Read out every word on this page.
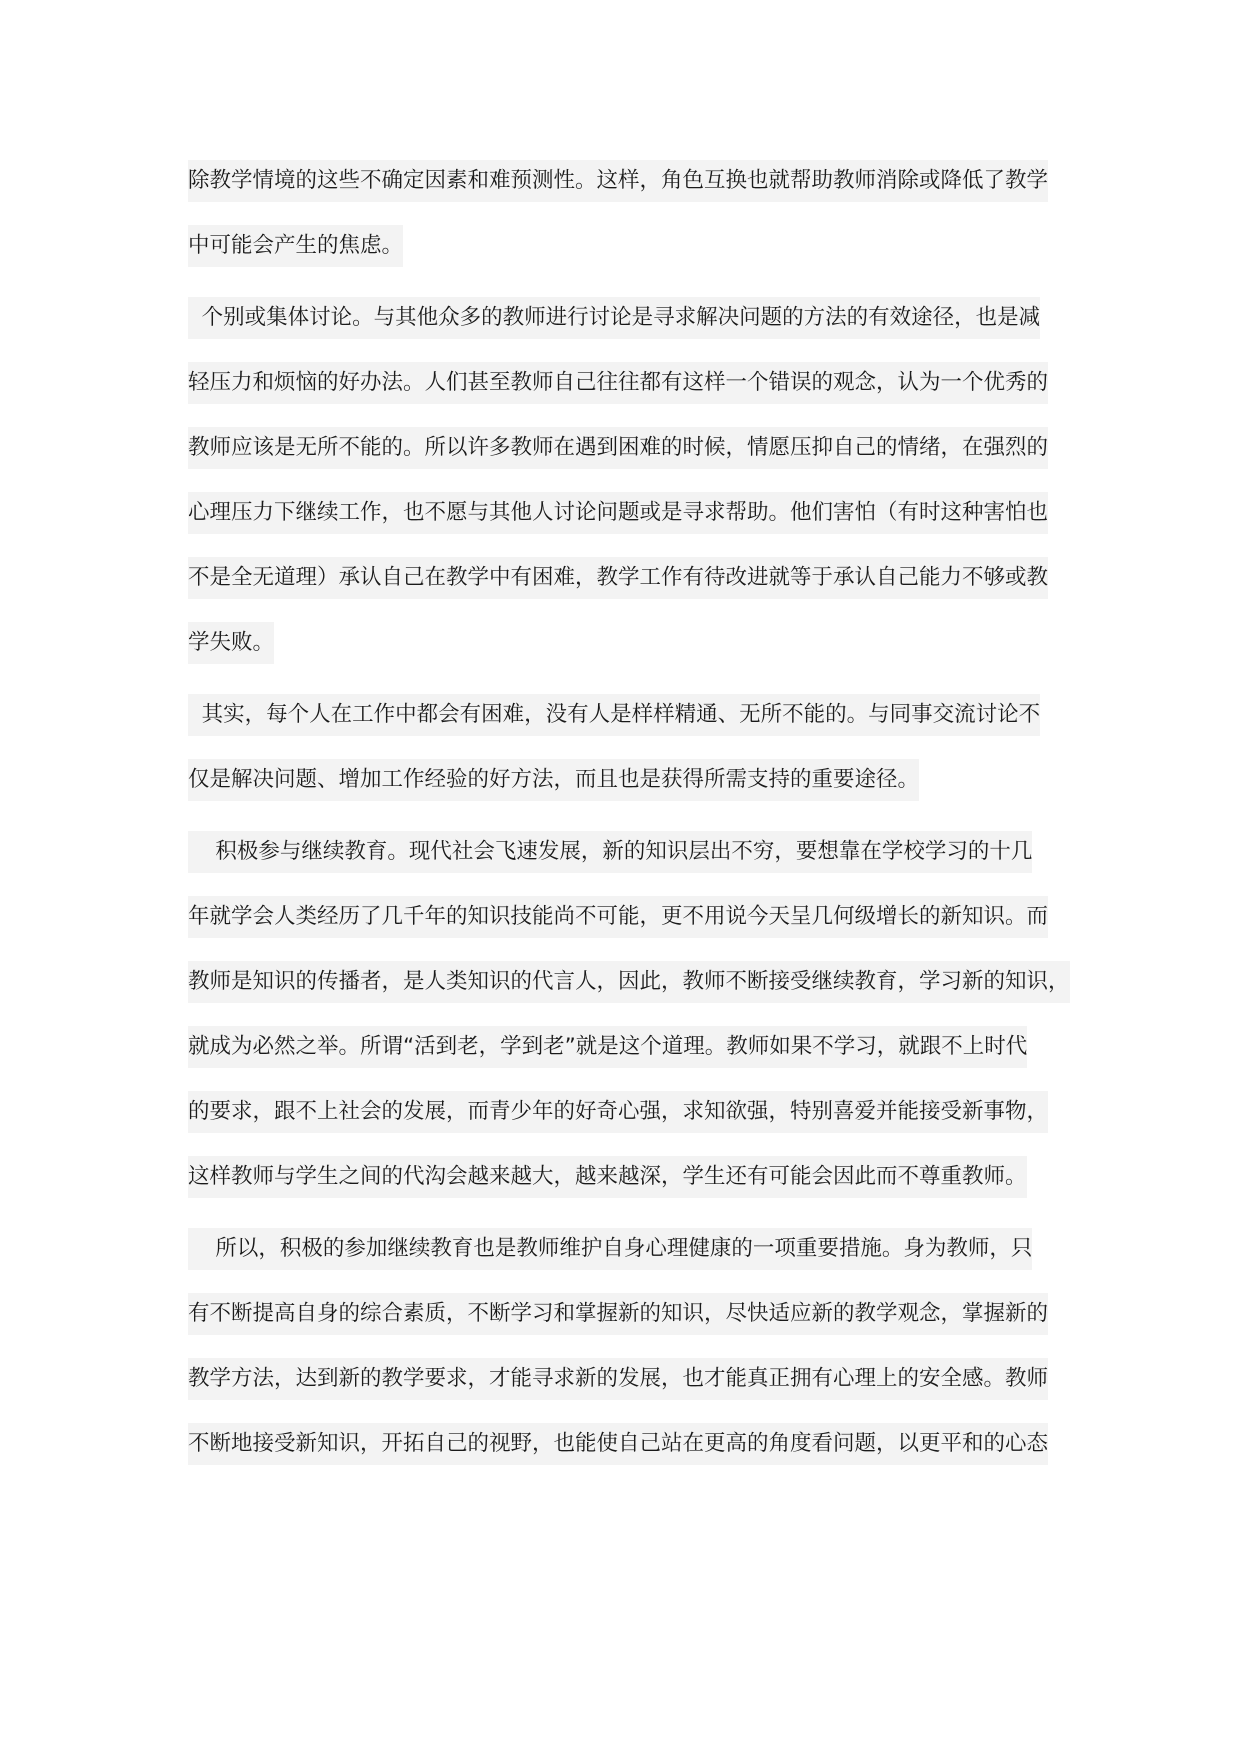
除教学情境的这些不确定因素和难预测性。这样，角色互换也就帮助教师消除或降低了教学
中可能会产生的焦虑。
个别或集体讨论。与其他众多的教师进行讨论是寻求解决问题的方法的有效途径，也是减
轻压力和烦恼的好办法。人们甚至教师自己往往都有这样一个错误的观念，认为一个优秀的
教师应该是无所不能的。所以许多教师在遇到困难的时候，情愿压抑自己的情绪，在强烈的
心理压力下继续工作，也不愿与其他人讨论问题或是寻求帮助。他们害怕（有时这种害怕也
不是全无道理）承认自己在教学中有困难，教学工作有待改进就等于承认自己能力不够或教
学失败。
其实，每个人在工作中都会有困难，没有人是样样精通、无所不能的。与同事交流讨论不
仅是解决问题、增加工作经验的好方法，而且也是获得所需支持的重要途径。
积极参与继续教育。现代社会飞速发展，新的知识层出不穷，要想靠在学校学习的十几
年就学会人类经历了几千年的知识技能尚不可能，更不用说今天呈几何级增长的新知识。而
教师是知识的传播者，是人类知识的代言人，因此，教师不断接受继续教育，学习新的知识，
就成为必然之举。所谓“活到老，学到老”就是这个道理。教师如果不学习，就跟不上时代
的要求，跟不上社会的发展，而青少年的好奇心强，求知欲强，特别喜爱并能接受新事物，
这样教师与学生之间的代沟会越来越大，越来越深，学生还有可能会因此而不尊重教师。
所以，积极的参加继续教育也是教师维护自身心理健康的一项重要措施。身为教师，只
有不断提高自身的综合素质，不断学习和掌握新的知识，尽快适应新的教学观念，掌握新的
教学方法，达到新的教学要求，才能寻求新的发展，也才能真正拥有心理上的安全感。教师
不断地接受新知识，开拓自己的视野，也能使自己站在更高的角度看问题，以更平和的心态
